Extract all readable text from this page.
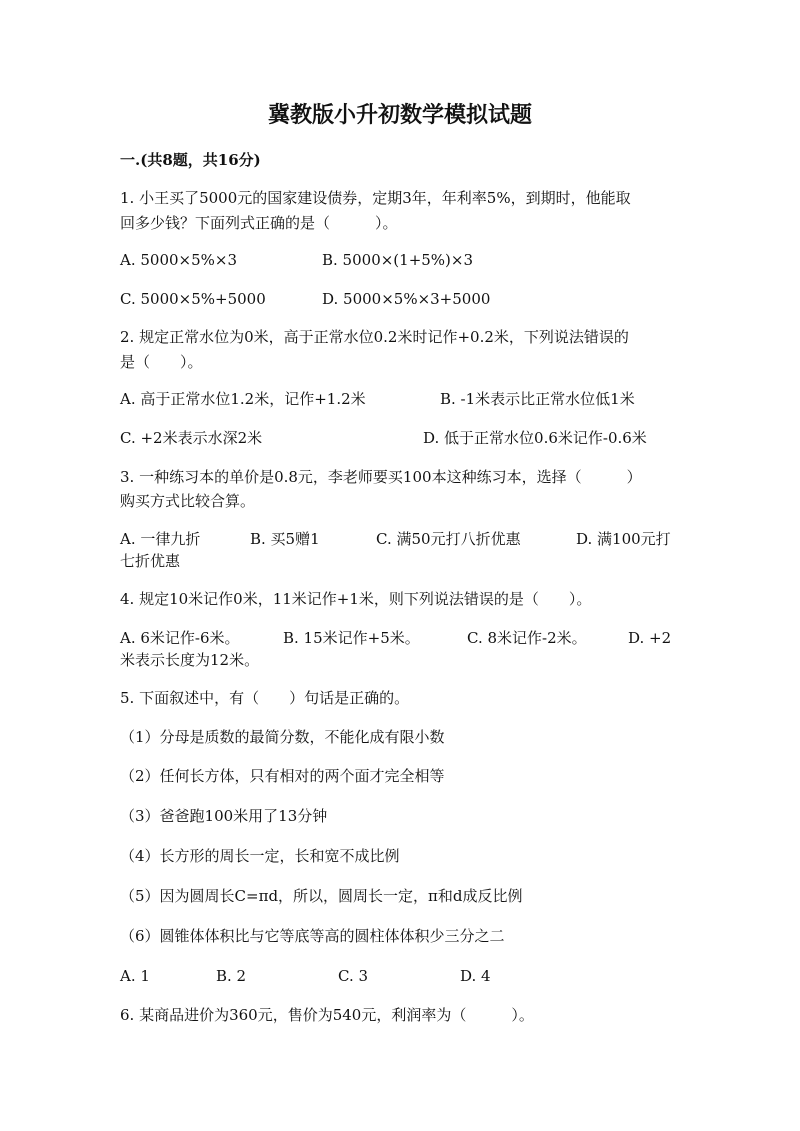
冀教版小升初数学模拟试题
一.(共8题，共16分)
1. 小王买了5000元的国家建设债券，定期3年，年利率5%，到期时，他能取
回多少钱？下面列式正确的是（　　　）。
A. 5000×5%×3	B. 5000×(1+5%)×3
C. 5000×5%+5000	D. 5000×5%×3+5000
2. 规定正常水位为0米，高于正常水位0.2米时记作+0.2米，下列说法错误的
是（　　）。
A. 高于正常水位1.2米，记作+1.2米	B. -1米表示比正常水位低1米
C. +2米表示水深2米	D. 低于正常水位0.6米记作-0.6米
3. 一种练习本的单价是0.8元，李老师要买100本这种练习本，选择（　　　）
购买方式比较合算。
A. 一律九折	B. 买5赠1	C. 满50元打八折优惠	D. 满100元打
七折优惠
4. 规定10米记作0米，11米记作+1米，则下列说法错误的是（　　）。
A. 6米记作-6米。	B. 15米记作+5米。	C. 8米记作-2米。	D. +2
米表示长度为12米。
5. 下面叙述中，有（　　）句话是正确的。
（1）分母是质数的最简分数，不能化成有限小数
（2）任何长方体，只有相对的两个面才完全相等
（3）爸爸跑100米用了13分钟
（4）长方形的周长一定，长和宽不成比例
（5）因为圆周长C=πd，所以，圆周长一定，π和d成反比例
（6）圆锥体体积比与它等底等高的圆柱体体积少三分之二
A. 1	B. 2	C. 3	D. 4
6. 某商品进价为360元，售价为540元，利润率为（　　　）。
